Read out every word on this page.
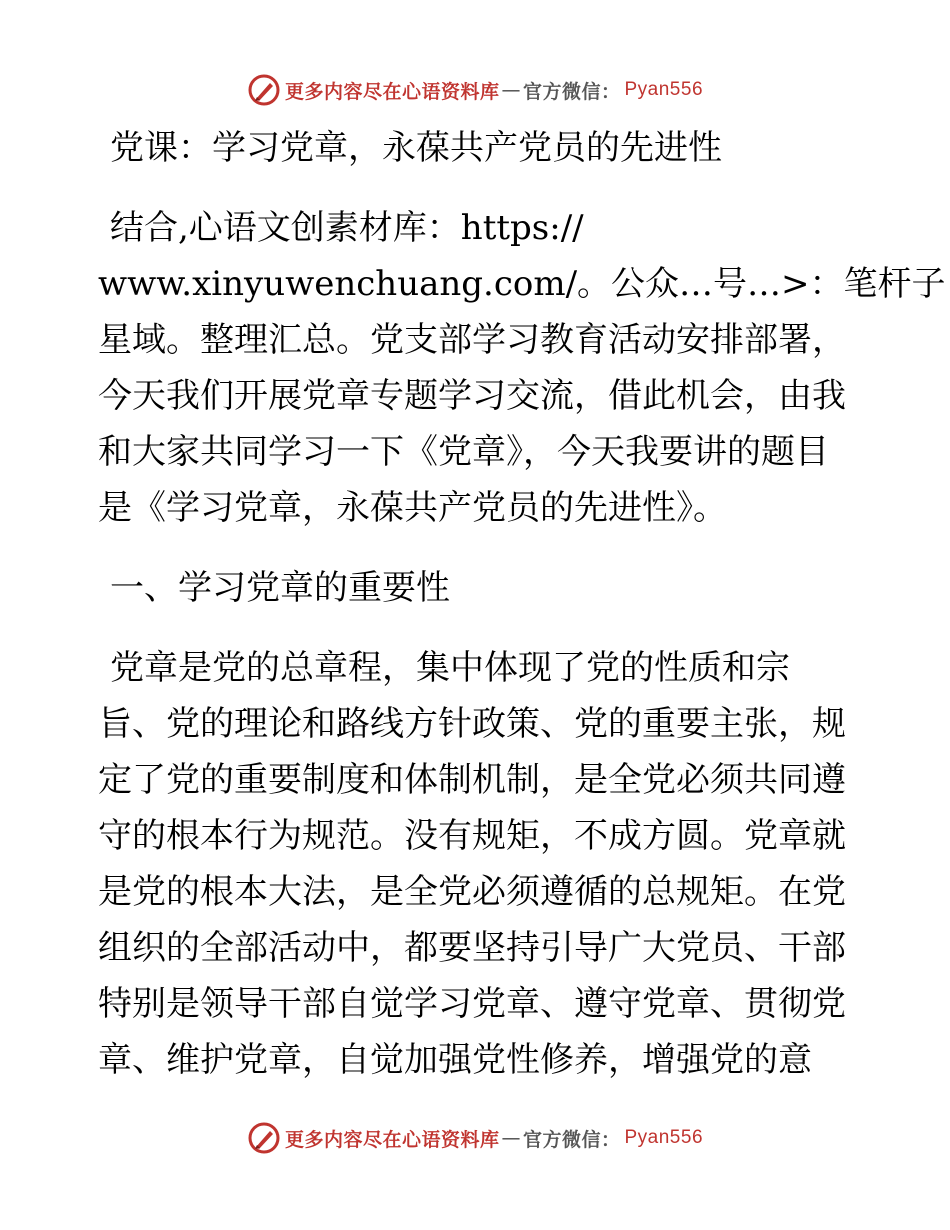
更多内容尽在心语资料库 — 官方微信： Pyan556
党课：学习党章，永葆共产党员的先进性
结合,心语文创素材库：https://
www.xinyuwenchuang.com/。公众…号…>：笔杆子
星域。整理汇总。党支部学习教育活动安排部署，
今天我们开展党章专题学习交流，借此机会，由我
和大家共同学习一下《党章》，今天我要讲的题目
是《学习党章，永葆共产党员的先进性》。
一、学习党章的重要性
党章是党的总章程，集中体现了党的性质和宗
旨、党的理论和路线方针政策、党的重要主张，规
定了党的重要制度和体制机制，是全党必须共同遵
守的根本行为规范。没有规矩，不成方圆。党章就
是党的根本大法，是全党必须遵循的总规矩。在党
组织的全部活动中，都要坚持引导广大党员、干部
特别是领导干部自觉学习党章、遵守党章、贯彻党
章、维护党章，自觉加强党性修养，增强党的意
更多内容尽在心语资料库 — 官方微信： Pyan556
